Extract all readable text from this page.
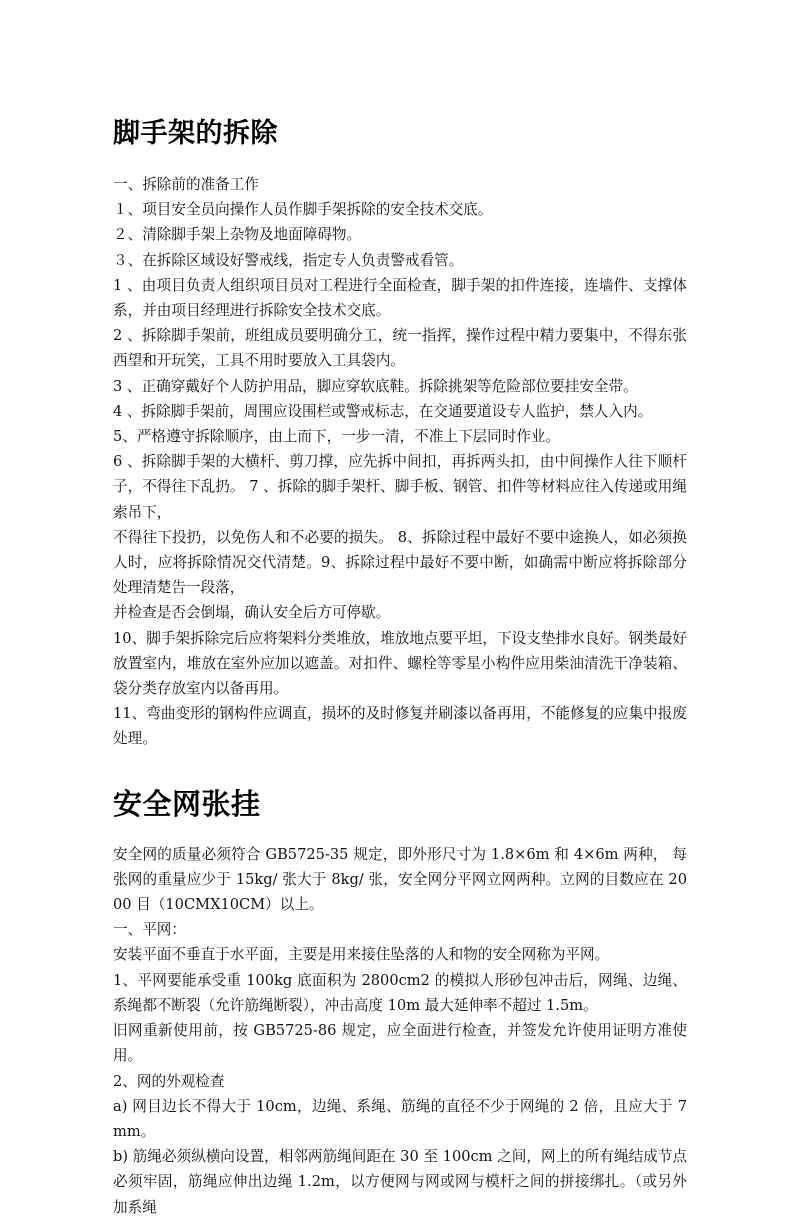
脚手架的拆除

一、拆除前的准备工作

１、项目安全员向操作人员作脚手架拆除的安全技术交底。

２、清除脚手架上杂物及地面障碍物。

３、在拆除区域设好警戒线，指定专人负责警戒看管。

1 、由项目负责人组织项目员对工程进行全面检查，脚手架的扣件连接，连墙件、支撑体系，并由项目经理进行拆除安全技术交底。

2 、拆除脚手架前，班组成员要明确分工，统一指挥，操作过程中精力要集中，不得东张西望和开玩笑，工具不用时要放入工具袋内。

3 、正确穿戴好个人防护用品，脚应穿软底鞋。拆除挑架等危险部位要挂安全带。

4 、拆除脚手架前，周围应设围栏或警戒标志，在交通要道设专人监护，禁人入内。

5、严格遵守拆除顺序，由上而下，一步一清，不准上下层同时作业。

6 、拆除脚手架的大横杆、剪刀撑，应先拆中间扣，再拆两头扣，由中间操作人往下顺杆子，不得往下乱扔。 7 、拆除的脚手架杆、脚手板、钢管、扣件等材料应往入传递或用绳索吊下，

不得往下投扔，以免伤人和不必要的损失。 8、拆除过程中最好不要中途换人，如必须换人时，应将拆除情况交代清楚。9、拆除过程中最好不要中断，如确需中断应将拆除部分处理清楚告一段落，

并检查是否会倒塌，确认安全后方可停歇。

10、脚手架拆除完后应将架料分类堆放，堆放地点要平坦，下设支垫排水良好。钢类最好放置室内，堆放在室外应加以遮盖。对扣件、螺栓等零星小构件应用柴油清洗干净装箱、袋分类存放室内以备再用。

11、弯曲变形的钢构件应调直，损坏的及时修复并刷漆以备再用，不能修复的应集中报废处理。

安全网张挂

安全网的质量必须符合 GB5725-35 规定，即外形尺寸为 1.8×6m 和 4×6m 两种， 每张网的重量应少于 15kg/ 张大于 8kg/ 张，安全网分平网立网两种。立网的目数应在 2000 目（10CMX10CM）以上。

一、平网：

安装平面不垂直于水平面，主要是用来接住坠落的人和物的安全网称为平网。

1、平网要能承受重 100kg 底面积为 2800cm2 的模拟人形砂包冲击后，网绳、边绳、系绳都不断裂（允许筋绳断裂），冲击高度 10m 最大延伸率不超过 1.5m。

旧网重新使用前，按 GB5725-86 规定，应全面进行检查，并签发允许使用证明方准使用。

2、网的外观检查

a) 网目边长不得大于 10cm，边绳、系绳、筋绳的直径不少于网绳的 2 倍，且应大于 7mm。

b) 筋绳必须纵横向设置，相邻两筋绳间距在 30 至 100cm 之间，网上的所有绳结成节点必须牢固，筋绳应伸出边绳 1.2m，以方便网与网或网与模杆之间的拼接绑扎。（或另外加系绳
